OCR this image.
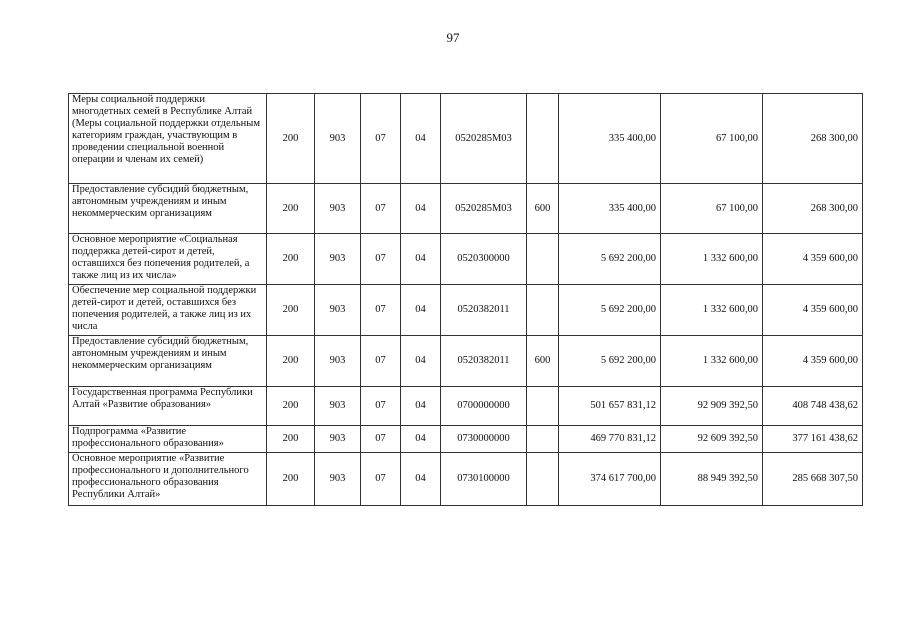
97
Меры социальной поддержки многодетных семей в Республике Алтай (Меры социальной поддержки отдельным категориям граждан, участвующим в проведении специальной военной операции и членам их семей)	200	903	07	04	0520285М03		335 400,00	67 100,00	268 300,00
Предоставление субсидий бюджетным, автономным учреждениям и иным некоммерческим организациям	200	903	07	04	0520285М03	600	335 400,00	67 100,00	268 300,00
Основное мероприятие «Социальная поддержка детей-сирот и детей, оставшихся без попечения родителей, а также лиц из их числа»	200	903	07	04	0520300000		5 692 200,00	1 332 600,00	4 359 600,00
Обеспечение мер социальной поддержки детей-сирот и детей, оставшихся без попечения родителей, а также лиц из их числа	200	903	07	04	0520382011		5 692 200,00	1 332 600,00	4 359 600,00
Предоставление субсидий бюджетным, автономным учреждениям и иным некоммерческим организациям	200	903	07	04	0520382011	600	5 692 200,00	1 332 600,00	4 359 600,00
Государственная программа Республики Алтай «Развитие образования»	200	903	07	04	0700000000		501 657 831,12	92 909 392,50	408 748 438,62
Подпрограмма «Развитие профессионального образования»	200	903	07	04	0730000000		469 770 831,12	92 609 392,50	377 161 438,62
Основное мероприятие «Развитие профессионального и дополнительного профессионального образования Республики Алтай»	200	903	07	04	0730100000		374 617 700,00	88 949 392,50	285 668 307,50
